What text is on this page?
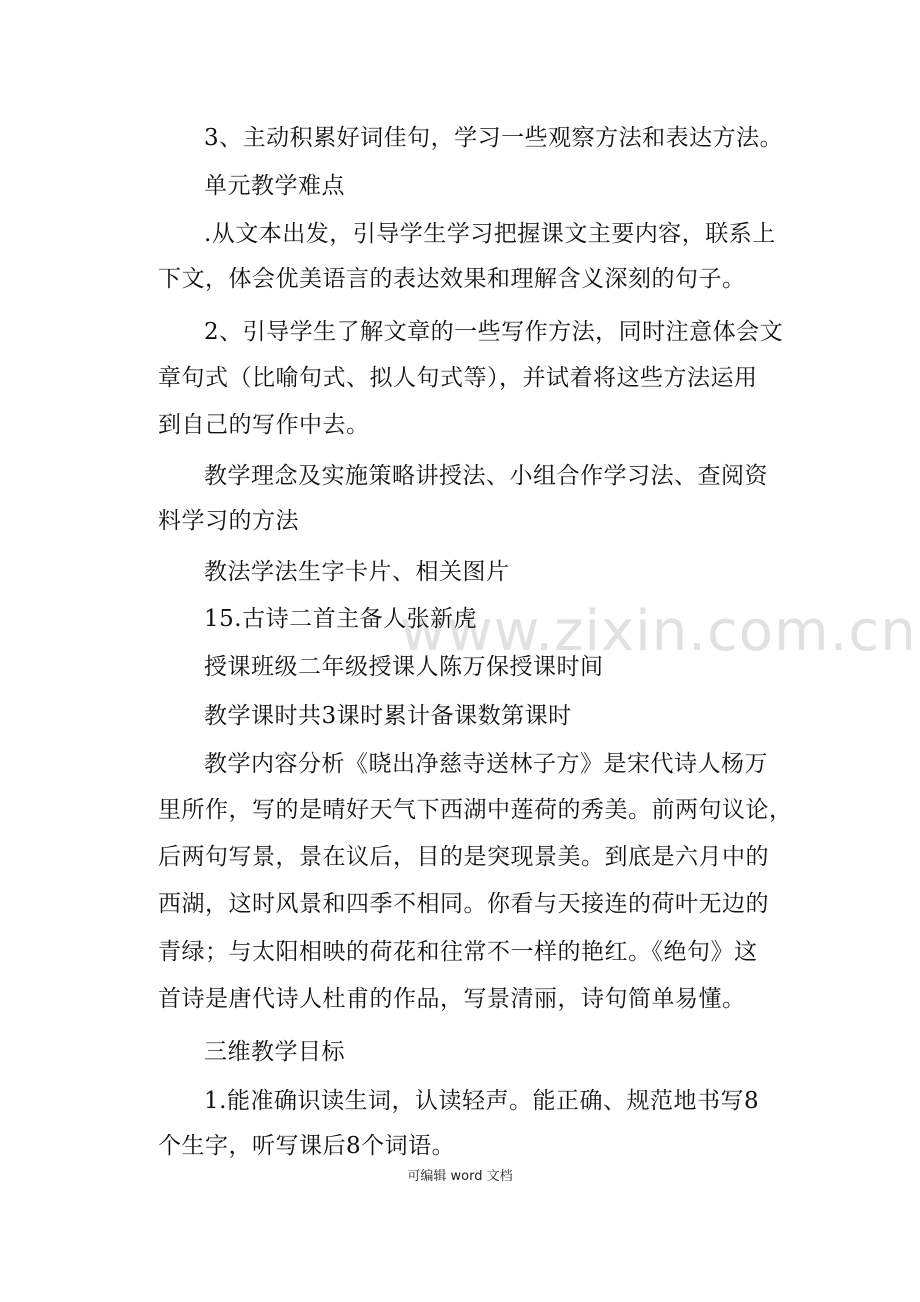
www.zixin.com.cn
3、主动积累好词佳句，学习一些观察方法和表达方法。
单元教学难点
.从文本出发，引导学生学习把握课文主要内容，联系上
下文，体会优美语言的表达效果和理解含义深刻的句子。
2、引导学生了解文章的一些写作方法，同时注意体会文
章句式（比喻句式、拟人句式等），并试着将这些方法运用
到自己的写作中去。
教学理念及实施策略讲授法、小组合作学习法、查阅资
料学习的方法
教法学法生字卡片、相关图片
15.古诗二首主备人张新虎
授课班级二年级授课人陈万保授课时间
教学课时共3课时累计备课数第课时
教学内容分析《晓出净慈寺送林子方》是宋代诗人杨万
里所作，写的是晴好天气下西湖中莲荷的秀美。前两句议论，
后两句写景，景在议后，目的是突现景美。到底是六月中的
西湖，这时风景和四季不相同。你看与天接连的荷叶无边的
青绿；与太阳相映的荷花和往常不一样的艳红。《绝句》这
首诗是唐代诗人杜甫的作品，写景清丽，诗句简单易懂。
三维教学目标
1.能准确识读生词，认读轻声。能正确、规范地书写8
个生字，听写课后8个词语。
可编辑 word 文档
